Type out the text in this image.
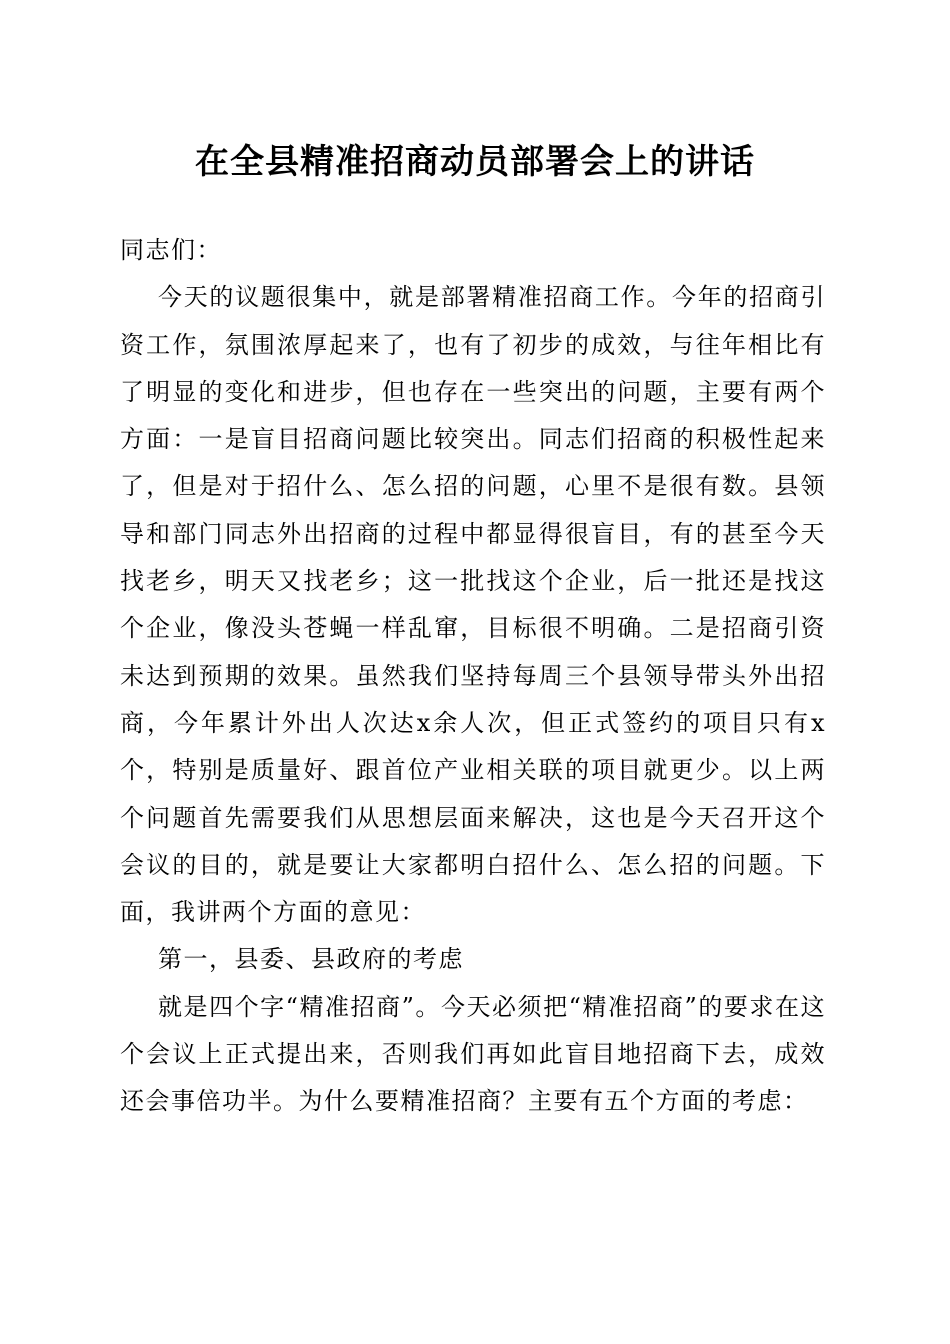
在全县精准招商动员部署会上的讲话

同志们：

今天的议题很集中，就是部署精准招商工作。今年的招商引资工作，氛围浓厚起来了，也有了初步的成效，与往年相比有了明显的变化和进步，但也存在一些突出的问题，主要有两个方面：一是盲目招商问题比较突出。同志们招商的积极性起来了，但是对于招什么、怎么招的问题，心里不是很有数。县领导和部门同志外出招商的过程中都显得很盲目，有的甚至今天找老乡，明天又找老乡；这一批找这个企业，后一批还是找这个企业，像没头苍蝇一样乱窜，目标很不明确。二是招商引资未达到预期的效果。虽然我们坚持每周三个县领导带头外出招商，今年累计外出人次达x余人次，但正式签约的项目只有x个，特别是质量好、跟首位产业相关联的项目就更少。以上两个问题首先需要我们从思想层面来解决，这也是今天召开这个会议的目的，就是要让大家都明白招什么、怎么招的问题。下面，我讲两个方面的意见：

第一，县委、县政府的考虑

就是四个字“精准招商”。今天必须把“精准招商”的要求在这个会议上正式提出来，否则我们再如此盲目地招商下去，成效还会事倍功半。为什么要精准招商？主要有五个方面的考虑：
